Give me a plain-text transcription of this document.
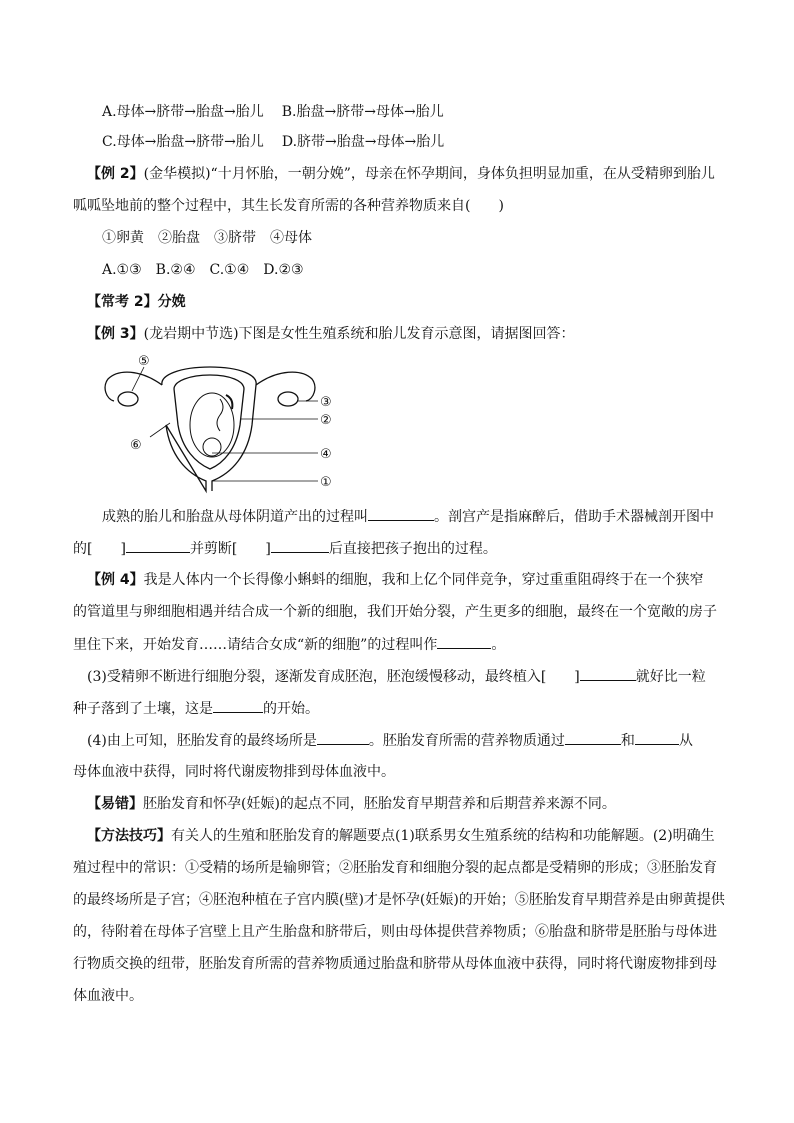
A.母体→脐带→胎盘→胎儿 B.胎盘→脐带→母体→胎儿
C.母体→胎盘→脐带→胎儿 D.脐带→胎盘→母体→胎儿
【例 2】(金华模拟)“十月怀胎，一朝分娩”，母亲在怀孕期间，身体负担明显加重，在从受精卵到胎儿
呱呱坠地前的整个过程中，其生长发育所需的各种营养物质来自(　　)
①卵黄　②胎盘　③脐带　④母体
A.①③　B.②④　C.①④　D.②③
【常考 2】分娩
【例 3】(龙岩期中节选)下图是女性生殖系统和胎儿发育示意图，请据图回答：
⑤
⑥
③
②
④
①
成熟的胎儿和胎盘从母体阴道产出的过程叫	。剖宫产是指麻醉后，借助手术器械剖开图中
的[　　]	并剪断[　　]	后直接把孩子抱出的过程。
【例 4】我是人体内一个长得像小蝌蚪的细胞，我和上亿个同伴竞争，穿过重重阻碍终于在一个狭窄
的管道里与卵细胞相遇并结合成一个新的细胞，我们开始分裂，产生更多的细胞，最终在一个宽敞的房子
里住下来，开始发育……请结合女成“新的细胞”的过程叫作	。
(3)受精卵不断进行细胞分裂，逐渐发育成胚泡，胚泡缓慢移动，最终植入[　　]	就好比一粒
种子落到了土壤，这是	的开始。
(4)由上可知，胚胎发育的最终场所是	。胚胎发育所需的营养物质通过	和	从
母体血液中获得，同时将代谢废物排到母体血液中。
【易错】胚胎发育和怀孕(妊娠)的起点不同，胚胎发育早期营养和后期营养来源不同。
【方法技巧】有关人的生殖和胚胎发育的解题要点(1)联系男女生殖系统的结构和功能解题。(2)明确生
殖过程中的常识：①受精的场所是输卵管；②胚胎发育和细胞分裂的起点都是受精卵的形成；③胚胎发育
的最终场所是子宫；④胚泡种植在子宫内膜(壁)才是怀孕(妊娠)的开始；⑤胚胎发育早期营养是由卵黄提供
的，待附着在母体子宫壁上且产生胎盘和脐带后，则由母体提供营养物质；⑥胎盘和脐带是胚胎与母体进
行物质交换的纽带，胚胎发育所需的营养物质通过胎盘和脐带从母体血液中获得，同时将代谢废物排到母
体血液中。
